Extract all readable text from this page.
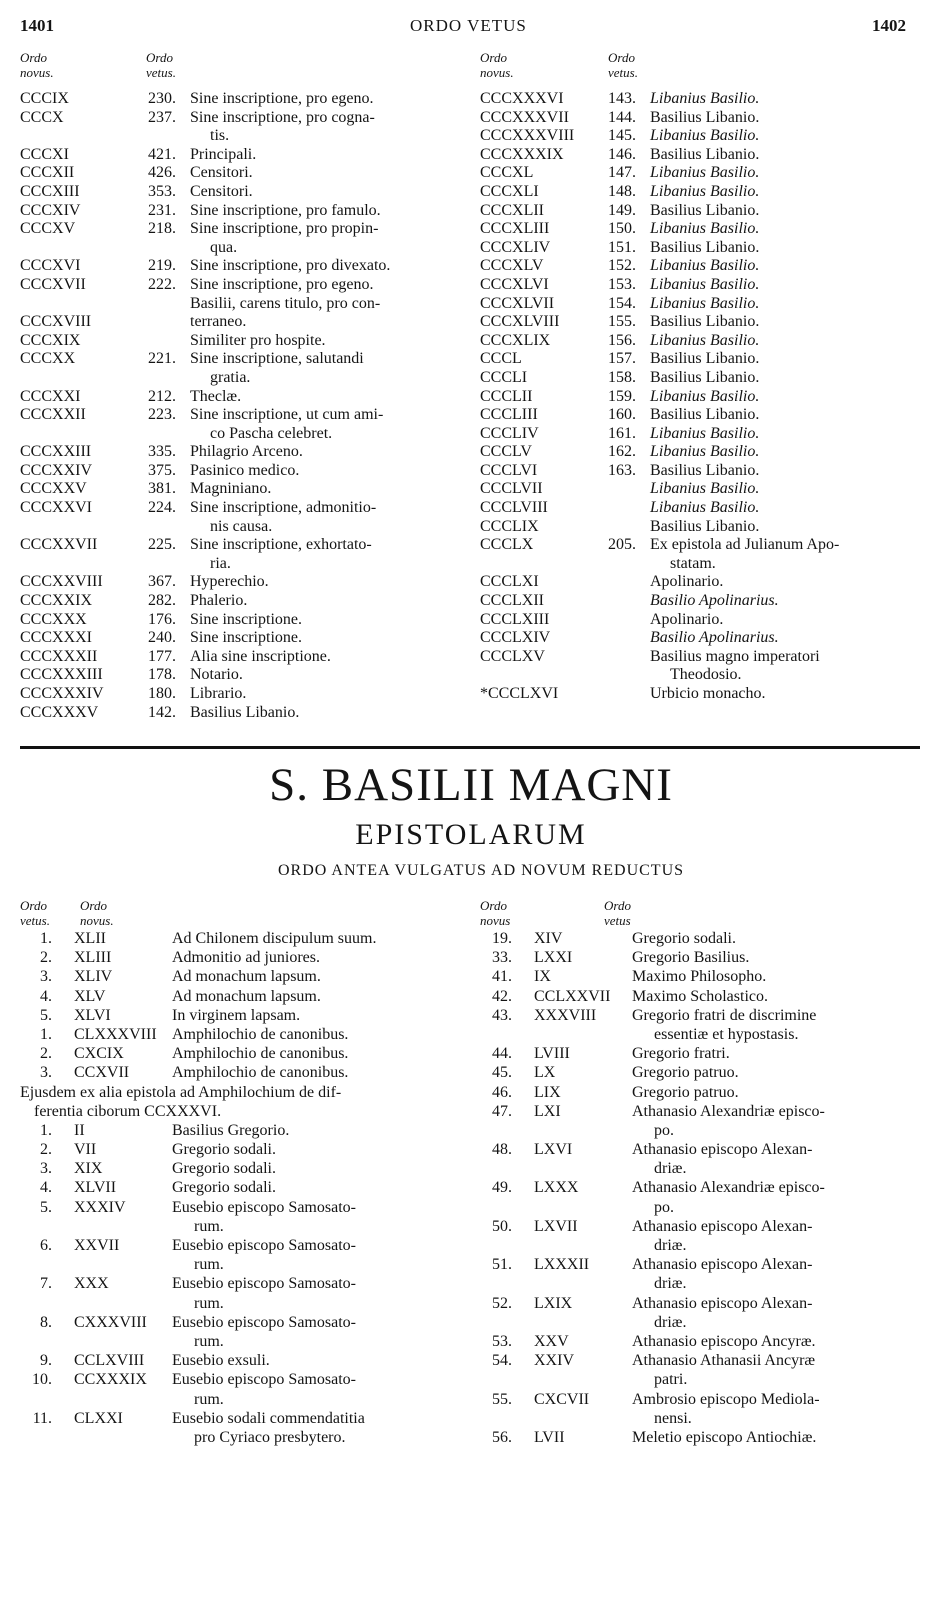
1401	ORDO VETUS	1402
Ordo
novus.
Ordo
vetus.
Ordo
novus.
Ordo
vetus.
CCCIX	230. Sine inscriptione, pro egeno.
CCCX	237. Sine inscriptione, pro cogna-
tis.
CCCXI	421. Principali.
CCCXII	426. Censitori.
CCCXIII	353. Censitori.
CCCXIV	231. Sine inscriptione, pro famulo.
CCCXV	218. Sine inscriptione, pro propin-
qua.
CCCXVI	219. Sine inscriptione, pro divexato.
CCCXVII	222. Sine inscriptione, pro egeno.
Basilii, carens titulo, pro con-
CCCXVIII	terraneo.
CCCXIX	Similiter pro hospite.
CCCXX	221. Sine inscriptione, salutandi
gratia.
CCCXXI	212. Theclæ.
CCCXXII	223. Sine inscriptione, ut cum ami-
co Pascha celebret.
CCCXXIII	335. Philagrio Arceno.
CCCXXIV	375. Pasinico medico.
CCCXXV	381. Magniniano.
CCCXXVI	224. Sine inscriptione, admonitio-
nis causa.
CCCXXVII	225. Sine inscriptione, exhortato-
ria.
CCCXXVIII	367. Hyperechio.
CCCXXIX	282. Phalerio.
CCCXXX	176. Sine inscriptione.
CCCXXXI	240. Sine inscriptione.
CCCXXXII	177. Alia sine inscriptione.
CCCXXXIII	178. Notario.
CCCXXXIV	180. Librario.
CCCXXXV	142. Basilius Libanio.
CCCXXXVI	143. Libanius Basilio.
CCCXXXVII 144. Basilius Libanio.
CCCXXXVIII 145. Libanius Basilio.
CCCXXXIX	146. Basilius Libanio.
CCCXL	147. Libanius Basilio.
CCCXLI	148. Libanius Basilio.
CCCXLII	149. Basilius Libanio.
CCCXLIII	150. Libanius Basilio.
CCCXLIV	151. Basilius Libanio.
CCCXLV	152. Libanius Basilio.
CCCXLVI	153. Libanius Basilio.
CCCXLVII	154. Libanius Basilio.
CCCXLVIII	155. Basilius Libanio.
CCCXLIX	156. Libanius Basilio.
CCCL	157. Basilius Libanio.
CCCLI	158. Basilius Libanio.
CCCLII	159. Libanius Basilio.
CCCLIII	160. Basilius Libanio.
CCCLIV	161. Libanius Basilio.
CCCLV	162. Libanius Basilio.
CCCLVI	163. Basilius Libanio.
CCCLVII	Libanius Basilio.
CCCLVIII	Libanius Basilio.
CCCLIX	Basilius Libanio.
CCCLX	205. Ex epistola ad Julianum Apo-
statam.
CCCLXI	Apolinario.
CCCLXII	Basilio Apolinarius.
CCCLXIII	Apolinario.
CCCLXIV	Basilio Apolinarius.
CCCLXV	Basilius magno imperatori
Theodosio.
*CCCLXVI	Urbicio monacho.
S. BASILII MAGNI
EPISTOLARUM
ORDO ANTEA VULGATUS AD NOVUM REDUCTUS
Ordo
vetus.
Ordo
novus.
Ordo
novus
Ordo
vetus
1. XLII	Ad Chilonem discipulum suum.
2. XLIII	Admonitio ad juniores.
3. XLIV	Ad monachum lapsum.
4. XLV	Ad monachum lapsum.
5. XLVI	In virginem lapsam.
1. CLXXXVIII Amphilochio de canonibus.
2. CXCIX	Amphilochio de canonibus.
3. CCXVII	Amphilochio de canonibus.
Ejusdem ex alia epistola ad Amphilochium de dif-
ferentia ciborum CCXXXVI.
1. II	Basilius Gregorio.
2. VII	Gregorio sodali.
3. XIX	Gregorio sodali.
4. XLVII	Gregorio sodali.
5. XXXIV	Eusebio episcopo Samosato-
rum.
6. XXVII	Eusebio episcopo Samosato-
rum.
7. XXX	Eusebio episcopo Samosato-
rum.
8. CXXXVIII Eusebio episcopo Samosato-
rum.
9. CCLXVIII Eusebio exsuli.
10. CCXXXIX Eusebio episcopo Samosato-
rum.
11. CLXXI	Eusebio sodali commendatitia
pro Cyriaco presbytero.
19. XIV	Gregorio sodali.
33. LXXI	Gregorio Basilius.
41. IX	Maximo Philosopho.
42. CCLXXVII Maximo Scholastico.
43. XXXVIII Gregorio fratri de discrimine
essentiæ et hypostasis.
44. LVIII	Gregorio fratri.
45. LX	Gregorio patruo.
46. LIX	Gregorio patruo.
47. LXI	Athanasio Alexandriæ episco-
po.
48. LXVI	Athanasio episcopo Alexan-
driæ.
49. LXXX	Athanasio Alexandriæ episco-
po.
50. LXVII	Athanasio episcopo Alexan-
driæ.
51. LXXXII	Athanasio episcopo Alexan-
driæ.
52. LXIX	Athanasio episcopo Alexan-
driæ.
53. XXV	Athanasio episcopo Ancyræ.
54. XXIV	Athanasio Athanasii Ancyræ
patri.
55. CXCVII	Ambrosio episcopo Mediola-
nensi.
56. LVII	Meletio episcopo Antiochiæ.
